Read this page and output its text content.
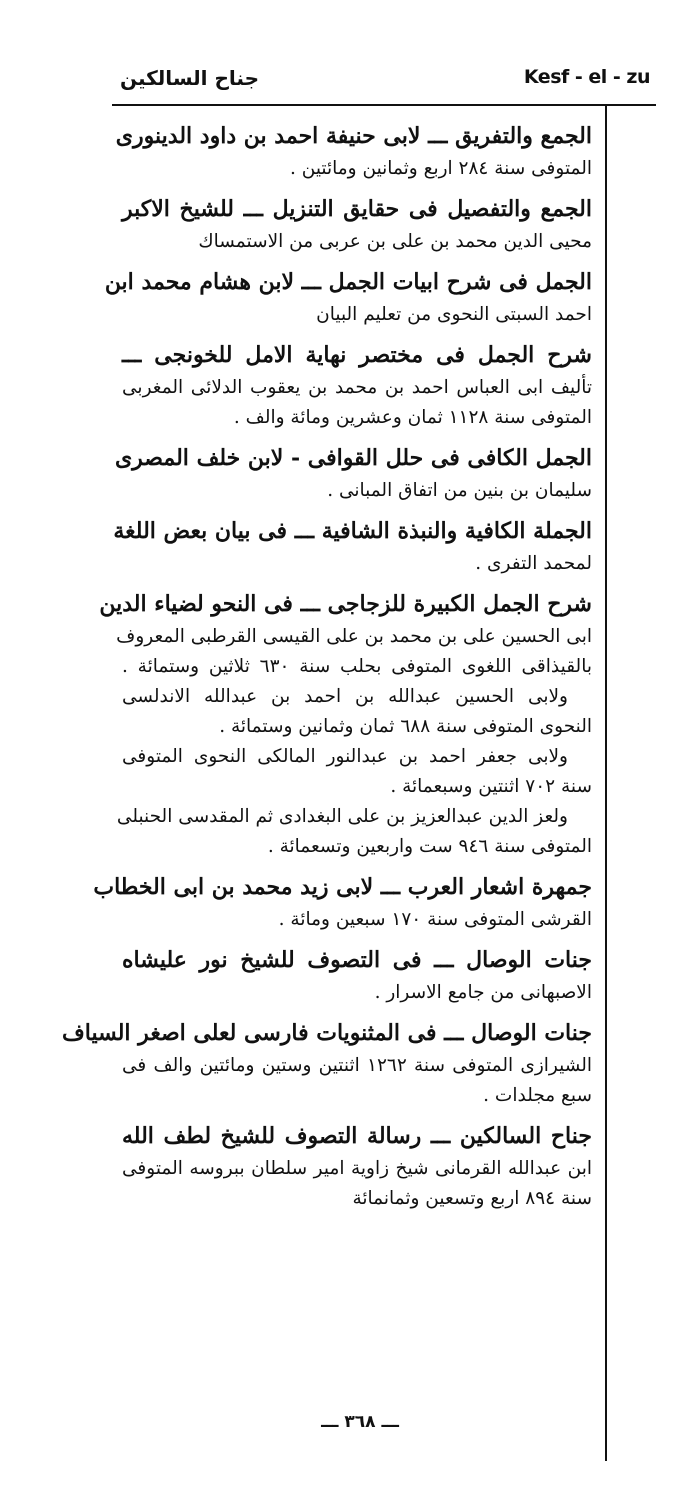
Kesf - el - zu
جناح السالكين
الجمع والتفريق ـــ لابى حنيفة احمد بن داود الدينورى
المتوفى سنة ٢٨٤ اربع وثمانين ومائتين .
الجمع والتفصيل فى حقايق التنزيل ـــ للشيخ الاكبر
محيى الدين محمد بن على بن عربى من الاستمساك
الجمل فى شرح ابيات الجمل ـــ لابن هشام محمد ابن
احمد السبتى النحوى من تعليم البيان
شرح الجمل فى مختصر نهاية الامل للخونجى ـــ
تأليف ابى العباس احمد بن محمد بن يعقوب الدلائى المغربى
المتوفى سنة ١١٢٨ ثمان وعشرين ومائة والف .
الجمل الكافى فى حلل القوافى - لابن خلف المصرى
سليمان بن بنين من اتفاق المبانى .
الجملة الكافية والنبذة الشافية ـــ فى بيان بعض اللغة
لمحمد التفرى .
شرح الجمل الكبيرة للزجاجى ـــ فى النحو لضياء الدين
ابى الحسين على بن محمد بن على القيسى القرطبى المعروف
بالقيذاقى اللغوى المتوفى بحلب سنة ٦٣٠ ثلاثين وستمائة .
ولابى الحسين عبدالله بن احمد بن عبدالله الاندلسى
النحوى المتوفى سنة ٦٨٨ ثمان وثمانين وستمائة .
ولابى جعفر احمد بن عبدالنور المالكى النحوى المتوفى
سنة ٧٠٢ اثنتين وسبعمائة .
ولعز الدين عبدالعزيز بن على البغدادى ثم المقدسى الحنبلى
المتوفى سنة ٩٤٦ ست واربعين وتسعمائة .
جمهرة اشعار العرب ـــ لابى زيد محمد بن ابى الخطاب
القرشى المتوفى سنة ١٧٠ سبعين ومائة .
جنات الوصال ـــ فى التصوف للشيخ نور عليشاه
الاصبهانى من جامع الاسرار .
جنات الوصال ـــ فى المثنويات فارسى لعلى اصغر السياف
الشيرازى المتوفى سنة ١٢٦٢ اثنتين وستين ومائتين والف فى
سبع مجلدات .
جناح السالكين ـــ رسالة التصوف للشيخ لطف الله
ابن عبدالله القرمانى شيخ زاوية امير سلطان ببروسه المتوفى
سنة ٨٩٤ اربع وتسعين وثمانمائة
ـــ ٣٦٨ ـــ
